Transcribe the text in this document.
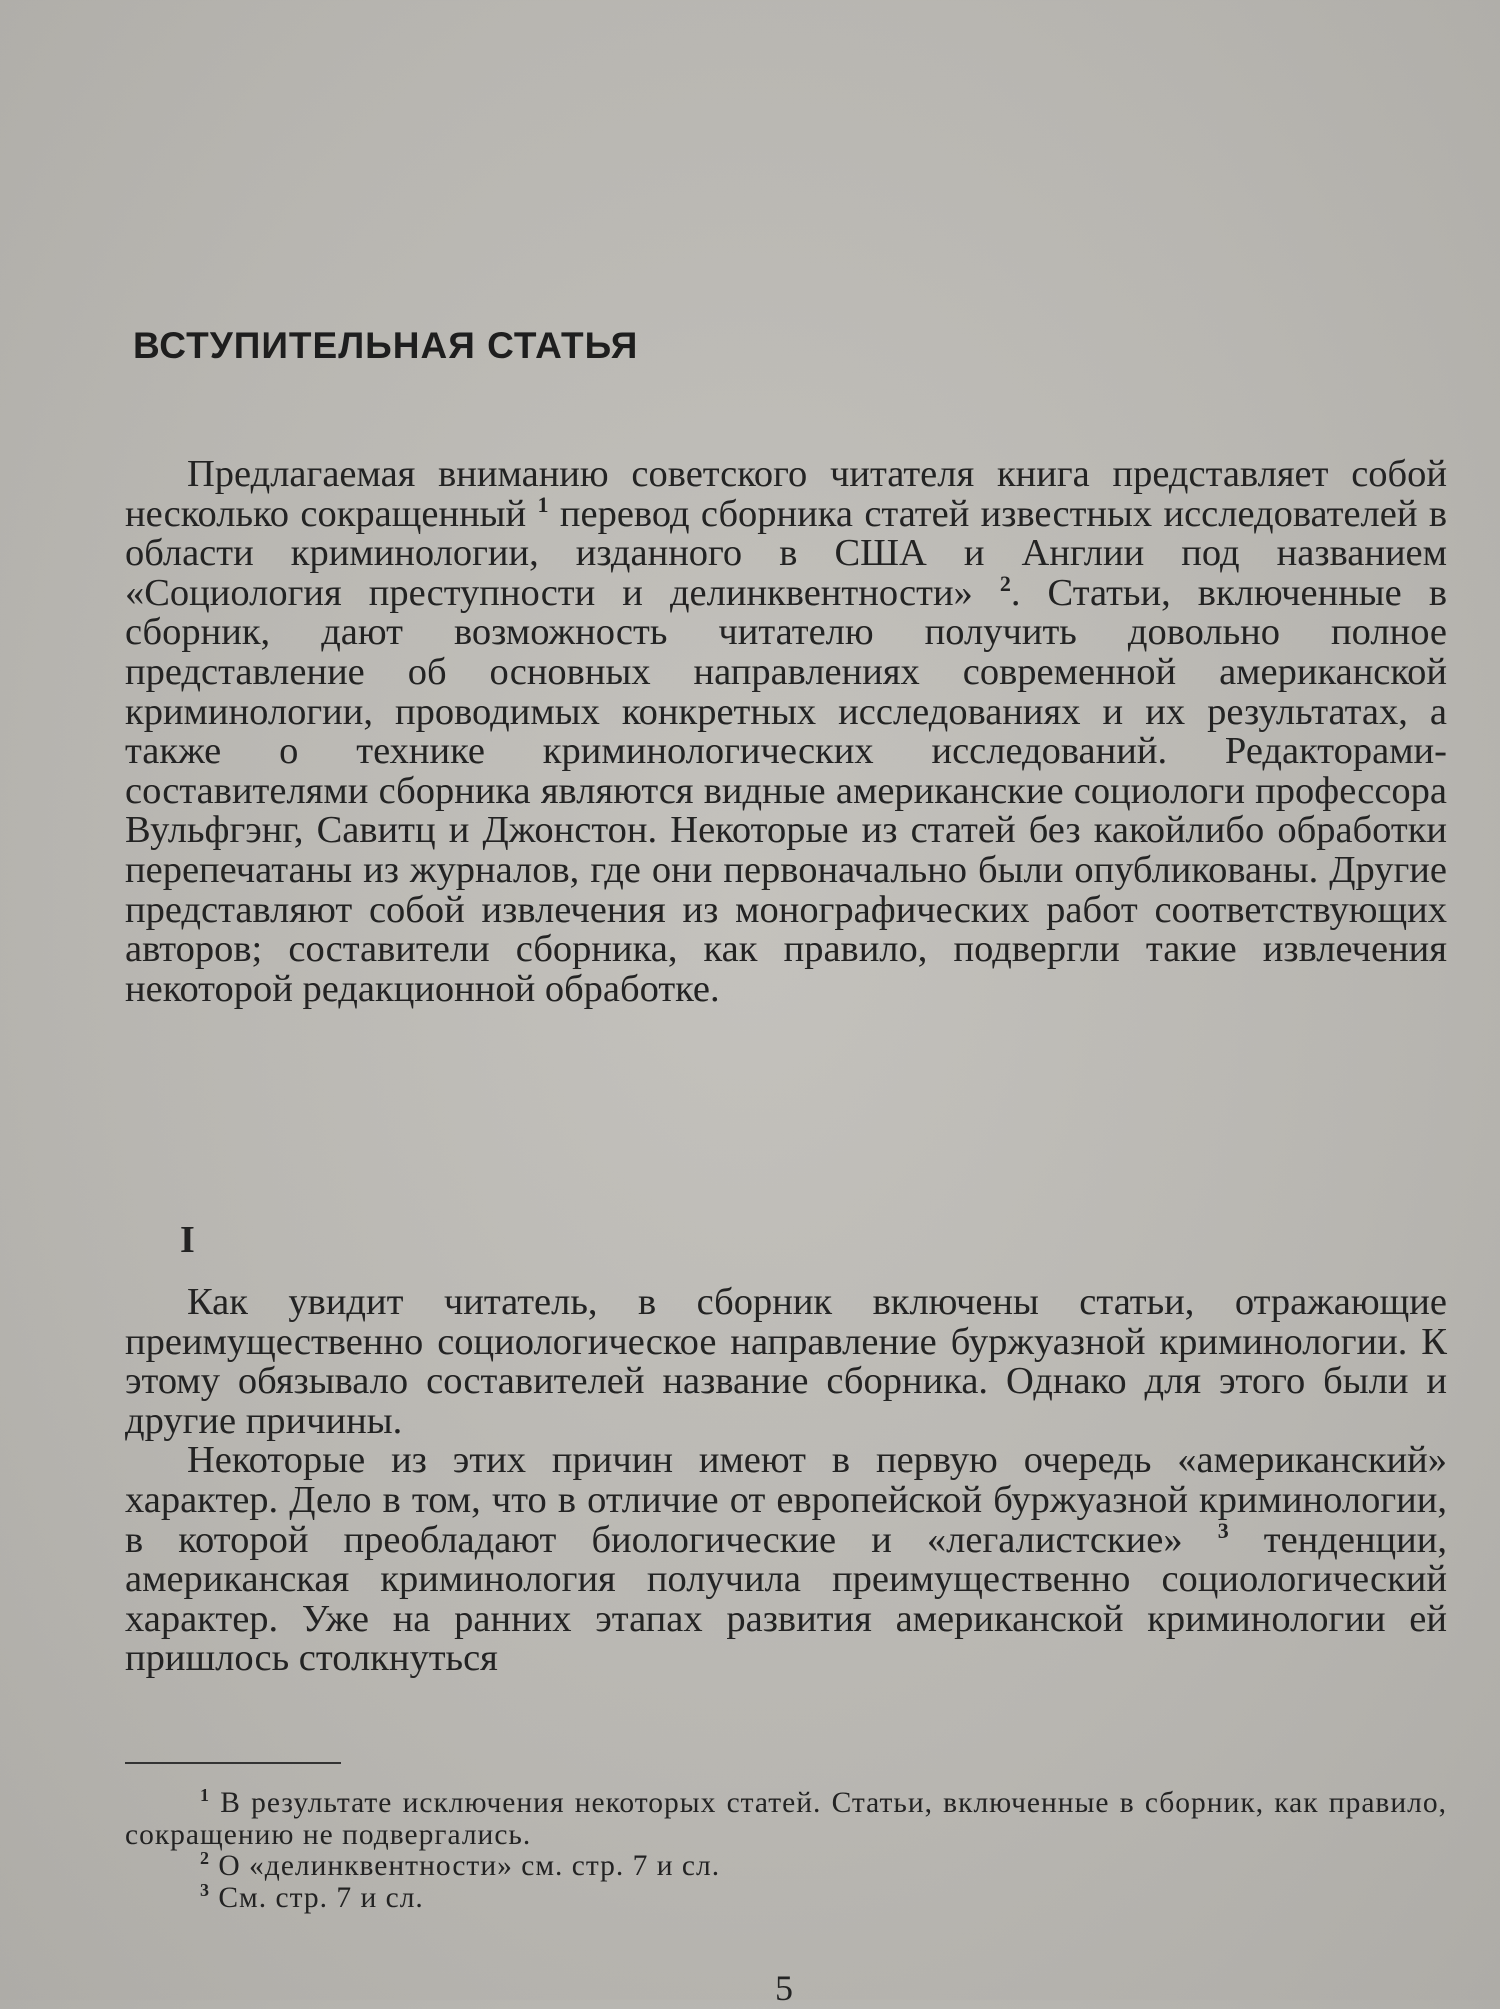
ВСТУПИТЕЛЬНАЯ СТАТЬЯ

Предлагаемая вниманию советского читателя книга представляет собой несколько сокращенный $^1$ перевод сборника статей известных исследователей в области криминологии, изданного в США и Англии под названием «Социология преступности и делинквентности» $^2$. Статьи, включенные в сборник, дают возможность читателю получить довольно полное представление об основных направлениях современной американской криминологии, проводимых конкретных исследованиях и их результатах, а также о технике криминологических исследований. Редакторами-составителями сборника являются видные американские социологи профессора Вульфгэнг, Савитц и Джонстон. Некоторые из статей без какойлибо обработки перепечатаны из журналов, где они первоначально были опубликованы. Другие представляют собой извлечения из монографических работ соответствующих авторов; составители сборника, как правило, подвергли такие извлечения некоторой редакционной обработке.

I

Как увидит читатель, в сборник включены статьи, отражающие преимущественно социологическое направление буржуазной криминологии. К этому обязывало составителей название сборника. Однако для этого были и другие причины.

Некоторые из этих причин имеют в первую очередь «американский» характер. Дело в том, что в отличие от европейской буржуазной криминологии, в которой преобладают биологические и «легалистские» $^3$ тенденции, американская криминология получила преимущественно социологический характер. Уже на ранних этапах развития американской криминологии ей пришлось столкнуться

$^1$ В результате исключения некоторых статей. Статьи, включенные в сборник, как правило, сокращению не подвергались.

$^2$ О «делинквентности» см. стр. 7 и сл.

$^3$ См. стр. 7 и сл.

5
